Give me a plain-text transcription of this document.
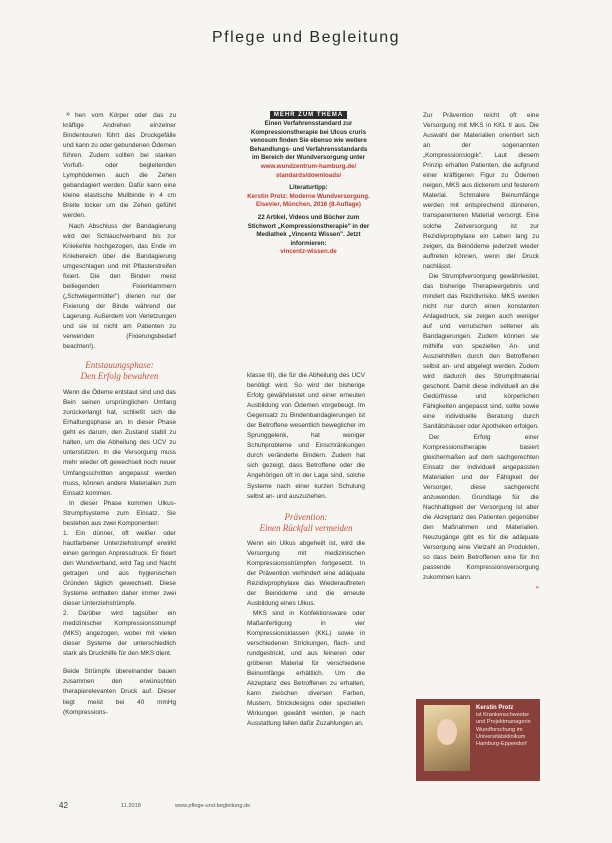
Pflege und Begleitung
» hen vom Körper oder das zu kräftige Andrehen einzelner Bindentouren führt das Druckgefälle und kann zu oder gebundenen Ödemen führen. Zudem sollten bei starken Vorfuß- oder begleitenden Lymphödemen auch die Zehen gebandagiert werden. Dafür kann eine kleine elastische Mullbinde in 4 cm Breite locker um die Zehen geführt werden.

Nach Abschluss der Bandagierung wird der Schlauchverband bis zur Kniekehle hochgezogen, das Ende im Kniebereich über die Bandagierung umgeschlagen und mit Pflasterstreifen fixiert. Die den Binden meist beiliegenden Fixierklammern („Schwiegermütter") dienen nur der Fixierung der Binde während der Lagerung. Außerdem von Verletzungen und sie ist nicht am Patienten zu verwenden (Fixierungsbedarf beachten!).

Entstauungsphase:

Den Erfolg bewahren

Wenn die Ödeme entstaut sind und das Bein seinen ursprünglichen Umfang zurückerlangt hat, schließt sich die Erhaltungsphase an. In dieser Phase geht es darum, den Zustand stabil zu halten, um die Abheilung des UCV zu unterstützen. In die Versorgung muss mehr wieder oft gewechselt noch neuer Umfangsschritten angepasst werden muss, können andere Materialien zum Einsatz kommen.

In dieser Phase kommen Ulkus-Strumpfsysteme zum Einsatz. Sie bestehen aus zwei Komponenten:

1. Ein dünner, oft weißer oder hautfarbener Unterziehstrumpf erwirkt einen geringen Anpressdruck. Er fixiert den Wundverband, wird Tag und Nacht getragen und aus hygienischen Gründen täglich gewechselt. Diese Systeme enthalten daher immer zwei dieser Unterziehstrümpfe.

2. Darüber wird tagsüber ein medizinischer Kompressionsstrumpf (MKS) angezogen, wobei mit vielen dieser Systeme der unterschiedlich stark als Druckhilfe für den MKS dient.

Beide Strümpfe übereinander bauen zusammen den erwünschten therapierelevanten Druck auf. Dieser liegt meist bei 40 mmHg (Kompressions-

MEHR ZUM THEMA

Einen Verfahrensstandard zur Kompressionstherapie bei Ulcus cruris venosum finden Sie ebenso wie weitere Behandlungs- und Verfahrensstandards im Bereich der Wundversorgung unter

www.wundzentrum-hamburg.de/ standards/downloads/

Literaturtipp:

Kerstin Protz: Moderne Wundversorgung. Elsevier, München, 2016 (8.Auflage)

22 Artikel, Videos und Bücher zum Stichwort „Kompressionstherapie" in der Mediathek „Vincentz Wissen". Jetzt informieren:

vincentz-wissen.de

klasse III), die für die Abheilung des UCV benötigt wird. So wird der bisherige Erfolg gewährleistet und einer erneuten Ausbildung von Ödemen vorgebeugt. Im Gegensatz zu Bindenbandagierungen ist der Betroffene wesentlich beweglicher im Sprunggelenk, hat weniger Schuhprobleme und Einschränkungen durch veränderte Bindern. Zudem hat sich gezeigt, dass Betroffene oder die Angehörigen oft in der Lage sind, solche Systeme nach einer kurzen Schulung selbst an- und auszuziehen.

Prävention:

Einen Rückfall vermeiden

Wenn ein Ulkus abgeheilt ist, wird die Versorgung mit medizinischen Kompressionsstrümpfen fortgesetzt. In der Prävention verhindert eine adäquate Rezidivprophylaxe das Wiederauftreten der Beinödeme und die erneute Ausbildung eines Ulkus.

MKS sind in Konfektionsware oder Maßanfertigung in vier Kompressionsklassen (KKL) sowie in verschiedenen Strickungen, flach- und rundgestrickt, und aus feineren oder gröberen Material für verschiedene Beinumfänge erhältlich. Um die Akzeptanz des Betroffenen zu erhalten, kann zwischen diversen Farben, Mustern, Strickdesigns oder speziellen Wirkungen gewählt werden, je nach Ausstattung fallen dafür Zuzahlungen an.

Zur Prävention reicht oft eine Versorgung mit MKS in KKL II aus. Die Auswahl der Materialien orientiert sich an der sogenannten „Kompressionslogik". Laut diesem Prinzip erhalten Patienten, die aufgrund einer kräftigeren Figur zu Ödemen neigen, MKS aus dickerem und festerem Material. Schmalere Beinumfänge werden mit entsprechend dünneren, transparenteren Material versorgt. Eine solche Zeitversorgung ist zur Rezidivprophylaxe ein Leben lang zu zeigen, da Beinödeme jederzeit wieder auftreten können, wenn der Druck nachlässt.

Die Strumpfversorgung gewährleistet, das bisherige Therapieergebnis und mindert das Rezidivrisiko. MKS werden nicht nur durch einen konstanten Anlagedruck, sie zeigen auch weniger auf und verrutschen seltener als Bandagierungen. Zudem können sie mithilfe von speziellen An- und Ausziehhilfen durch den Betroffenen selbst an- und abgelegt werden. Zudem wird dadurch des Strumpfmaterial geschont. Damit diese individuell an die Gedürfnisse und körperlichen Fähigkeiten angepasst sind, sollte sowie eine individuelle Beratung durch Sanitätshäuser oder Apotheken erfolgen.

Der Erfolg einer Kompressionstherapie basiert gleichermaßen auf dem sachgerechten Einsatz der individuell angepassten Materialien und der Fähigkeit der Versorger, diese sachgerecht anzuwenden. Grundlage für die Nachhaltigkeit der Versorgung ist aber die Akzeptanz des Patienten gegenüber den Maßnahmen und Materialien. Neuzugänge gibt es für die adäquate Versorgung eine Vielzahl an Produkten, so dass beim Betroffenen eine für ihn passende Kompressionsversorgung zukommen kann.

«

Kerstin Protz
ist Krankenschwester und Projektmanagerin Wundforschung im Universitätsklinikum Hamburg-Eppendorf
42	11.2018	www.pflege-und-begleitung.de
